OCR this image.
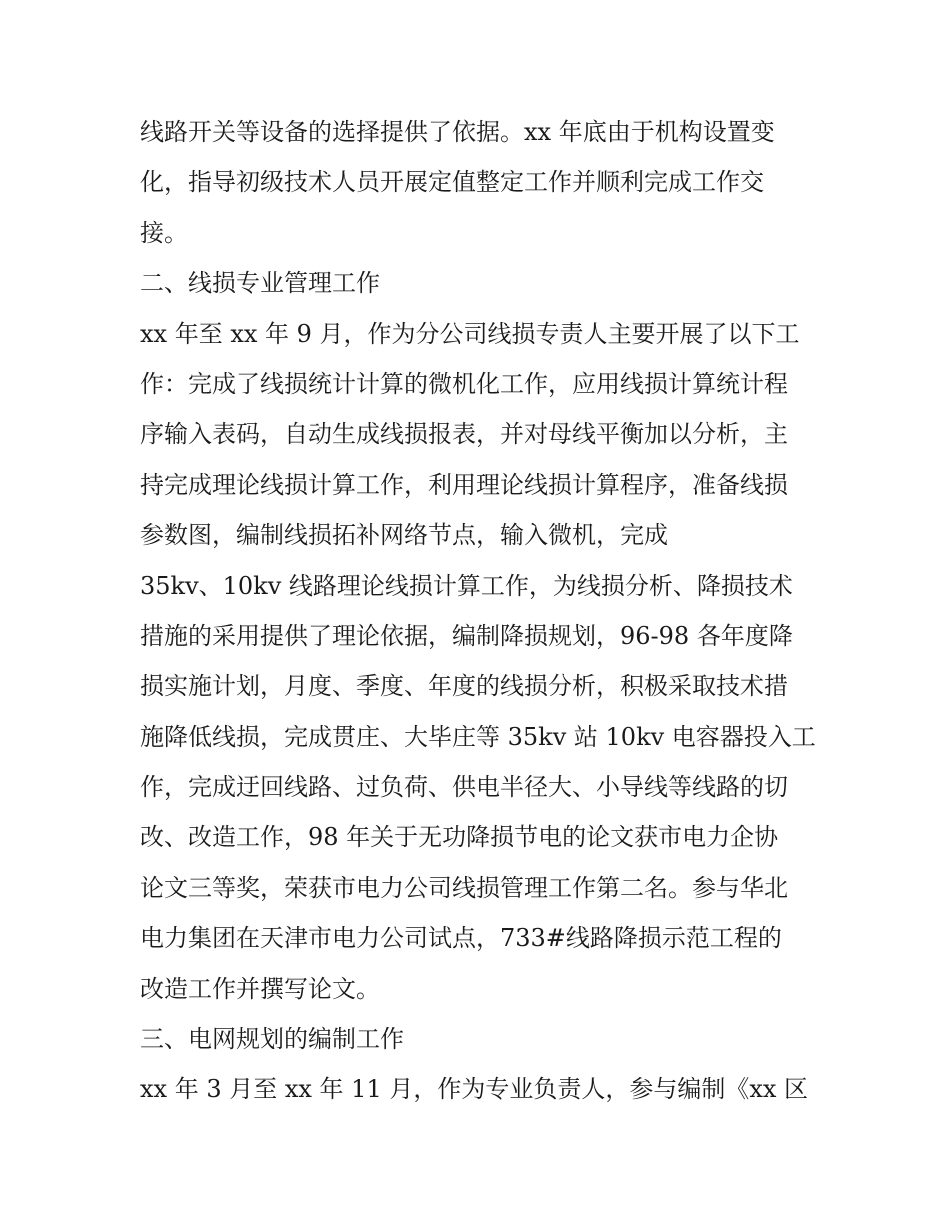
线路开关等设备的选择提供了依据。xx 年底由于机构设置变
化，指导初级技术人员开展定值整定工作并顺利完成工作交
接。
二、线损专业管理工作
xx 年至 xx 年 9 月，作为分公司线损专责人主要开展了以下工
作：完成了线损统计计算的微机化工作，应用线损计算统计程
序输入表码，自动生成线损报表，并对母线平衡加以分析，主
持完成理论线损计算工作，利用理论线损计算程序，准备线损
参数图，编制线损拓补网络节点，输入微机，完成
35kv、10kv 线路理论线损计算工作，为线损分析、降损技术
措施的采用提供了理论依据，编制降损规划，96-98 各年度降
损实施计划，月度、季度、年度的线损分析，积极采取技术措
施降低线损，完成贯庄、大毕庄等 35kv 站 10kv 电容器投入工
作，完成迂回线路、过负荷、供电半径大、小导线等线路的切
改、改造工作，98 年关于无功降损节电的论文获市电力企协
论文三等奖，荣获市电力公司线损管理工作第二名。参与华北
电力集团在天津市电力公司试点，733#线路降损示范工程的
改造工作并撰写论文。
三、电网规划的编制工作
xx 年 3 月至 xx 年 11 月，作为专业负责人，参与编制《xx 区
